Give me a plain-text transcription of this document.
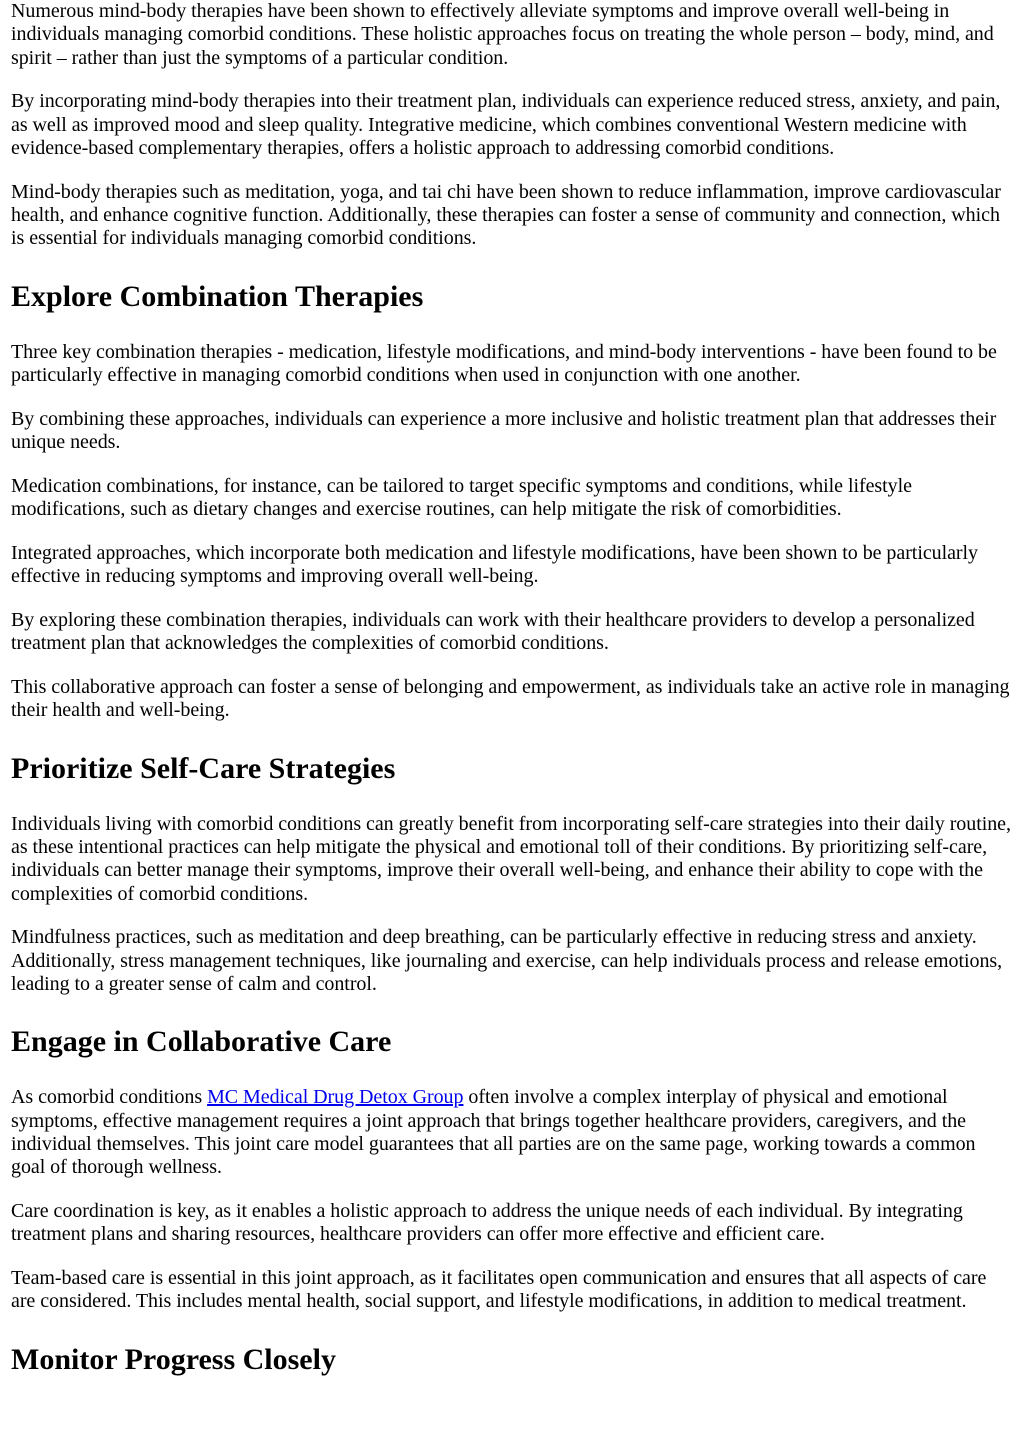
Numerous mind-body therapies have been shown to effectively alleviate symptoms and improve overall well-being in individuals managing comorbid conditions. These holistic approaches focus on treating the whole person – body, mind, and spirit – rather than just the symptoms of a particular condition.

By incorporating mind-body therapies into their treatment plan, individuals can experience reduced stress, anxiety, and pain, as well as improved mood and sleep quality. Integrative medicine, which combines conventional Western medicine with evidence-based complementary therapies, offers a holistic approach to addressing comorbid conditions.

Mind-body therapies such as meditation, yoga, and tai chi have been shown to reduce inflammation, improve cardiovascular health, and enhance cognitive function. Additionally, these therapies can foster a sense of community and connection, which is essential for individuals managing comorbid conditions.

Explore Combination Therapies

Three key combination therapies - medication, lifestyle modifications, and mind-body interventions - have been found to be particularly effective in managing comorbid conditions when used in conjunction with one another.

By combining these approaches, individuals can experience a more inclusive and holistic treatment plan that addresses their unique needs.

Medication combinations, for instance, can be tailored to target specific symptoms and conditions, while lifestyle modifications, such as dietary changes and exercise routines, can help mitigate the risk of comorbidities.

Integrated approaches, which incorporate both medication and lifestyle modifications, have been shown to be particularly effective in reducing symptoms and improving overall well-being.

By exploring these combination therapies, individuals can work with their healthcare providers to develop a personalized treatment plan that acknowledges the complexities of comorbid conditions.

This collaborative approach can foster a sense of belonging and empowerment, as individuals take an active role in managing their health and well-being.

Prioritize Self-Care Strategies

Individuals living with comorbid conditions can greatly benefit from incorporating self-care strategies into their daily routine, as these intentional practices can help mitigate the physical and emotional toll of their conditions. By prioritizing self-care, individuals can better manage their symptoms, improve their overall well-being, and enhance their ability to cope with the complexities of comorbid conditions.

Mindfulness practices, such as meditation and deep breathing, can be particularly effective in reducing stress and anxiety. Additionally, stress management techniques, like journaling and exercise, can help individuals process and release emotions, leading to a greater sense of calm and control.

Engage in Collaborative Care

As comorbid conditions MC Medical Drug Detox Group often involve a complex interplay of physical and emotional symptoms, effective management requires a joint approach that brings together healthcare providers, caregivers, and the individual themselves. This joint care model guarantees that all parties are on the same page, working towards a common goal of thorough wellness.

Care coordination is key, as it enables a holistic approach to address the unique needs of each individual. By integrating treatment plans and sharing resources, healthcare providers can offer more effective and efficient care.

Team-based care is essential in this joint approach, as it facilitates open communication and ensures that all aspects of care are considered. This includes mental health, social support, and lifestyle modifications, in addition to medical treatment.

Monitor Progress Closely
